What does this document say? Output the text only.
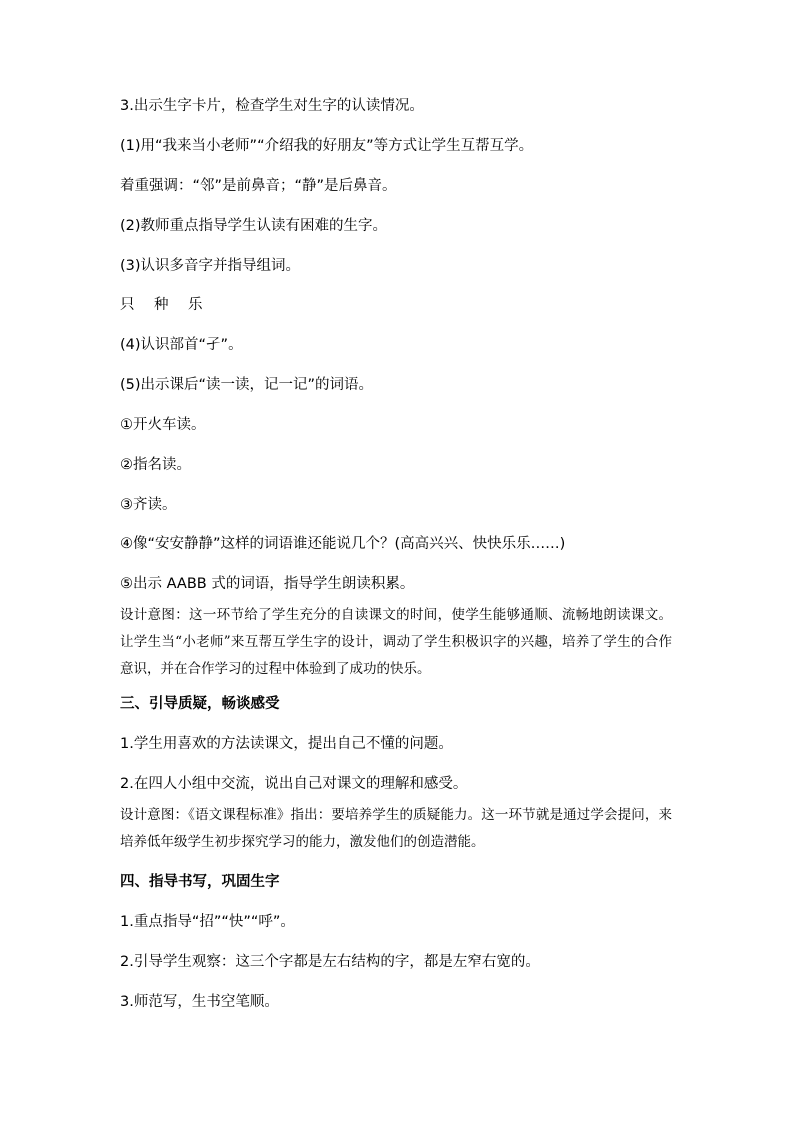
3.出示生字卡片，检查学生对生字的认读情况。
(1)用“我来当小老师”“介绍我的好朋友”等方式让学生互帮互学。
着重强调：“邻”是前鼻音；“静”是后鼻音。
(2)教师重点指导学生认读有困难的生字。
(3)认识多音字并指导组词。
只 种 乐
(4)认识部首“孑”。
(5)出示课后“读一读，记一记”的词语。
①开火车读。
②指名读。
③齐读。
④像“安安静静”这样的词语谁还能说几个？(高高兴兴、快快乐乐……)
⑤出示 AABB 式的词语，指导学生朗读积累。
设计意图：这一环节给了学生充分的自读课文的时间，使学生能够通顺、流畅地朗读课文。让学生当“小老师”来互帮互学生字的设计，调动了学生积极识字的兴趣，培养了学生的合作意识，并在合作学习的过程中体验到了成功的快乐。
三、引导质疑，畅谈感受
1.学生用喜欢的方法读课文，提出自己不懂的问题。
2.在四人小组中交流，说出自己对课文的理解和感受。
设计意图：《语文课程标准》指出：要培养学生的质疑能力。这一环节就是通过学会提问，来培养低年级学生初步探究学习的能力，激发他们的创造潜能。
四、指导书写，巩固生字
1.重点指导“招”“快”“呼”。
2.引导学生观察：这三个字都是左右结构的字，都是左窄右宽的。
3.师范写，生书空笔顺。
